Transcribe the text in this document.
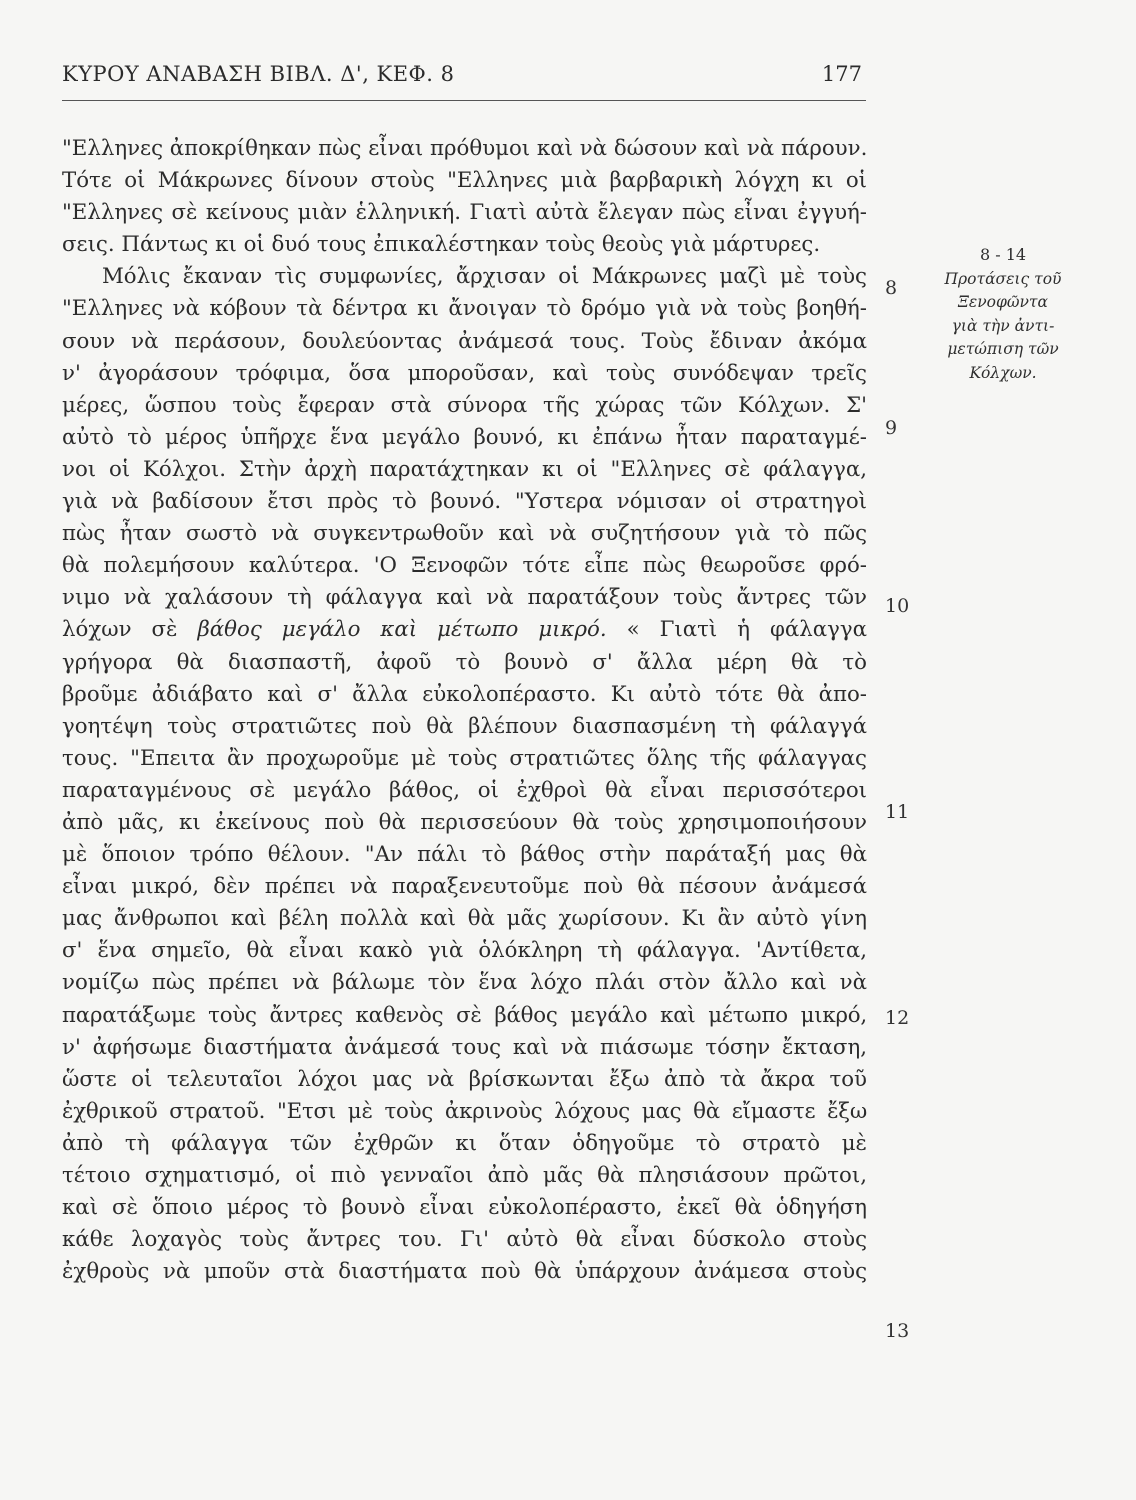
ΚΥΡΟΥ ΑΝΑΒΑΣΗ ΒΙΒΛ. Δ', ΚΕΦ. 8	177
"Ελληνες ἀποκρίθηκαν πὼς εἶναι πρόθυμοι καὶ νὰ δώσουν καὶ νὰ πάρουν.
Τότε οἱ Μάκρωνες δίνουν στοὺς "Ελληνες μιὰ βαρβαρικὴ λόγχη κι οἱ
"Ελληνες σὲ κείνους μιὰν ἑλληνική. Γιατὶ αὐτὰ ἔλεγαν πὼς εἶναι ἐγγυή-
σεις. Πάντως κι οἱ δυό τους ἐπικαλέστηκαν τοὺς θεοὺς γιὰ μάρτυρες.
Μόλις ἔκαναν τὶς συμφωνίες, ἄρχισαν οἱ Μάκρωνες μαζὶ μὲ τοὺς
"Ελληνες νὰ κόβουν τὰ δέντρα κι ἄνοιγαν τὸ δρόμο γιὰ νὰ τοὺς βοηθή-
σουν νὰ περάσουν, δουλεύοντας ἀνάμεσά τους. Τοὺς ἔδιναν ἀκόμα
ν' ἀγοράσουν τρόφιμα, ὅσα μποροῦσαν, καὶ τοὺς συνόδεψαν τρεῖς
μέρες, ὥσπου τοὺς ἔφεραν στὰ σύνορα τῆς χώρας τῶν Κόλχων. Σ'
αὐτὸ τὸ μέρος ὑπῆρχε ἕνα μεγάλο βουνό, κι ἐπάνω ἦταν παραταγμέ-
νοι οἱ Κόλχοι. Στὴν ἀρχὴ παρατάχτηκαν κι οἱ "Ελληνες σὲ φάλαγγα,
γιὰ νὰ βαδίσουν ἔτσι πρὸς τὸ βουνό. "Υστερα νόμισαν οἱ στρατηγοὶ
πὼς ἦταν σωστὸ νὰ συγκεντρωθοῦν καὶ νὰ συζητήσουν γιὰ τὸ πῶς
θὰ πολεμήσουν καλύτερα. 'Ο Ξενοφῶν τότε εἶπε πὼς θεωροῦσε φρό-
νιμο νὰ χαλάσουν τὴ φάλαγγα καὶ νὰ παρατάξουν τοὺς ἄντρες τῶν
λόχων σὲ βάθος μεγάλο καὶ μέτωπο μικρό. « Γιατὶ ἡ φάλαγγα
γρήγορα θὰ διασπαστῆ, ἀφοῦ τὸ βουνὸ σ' ἄλλα μέρη θὰ τὸ
βροῦμε ἀδιάβατο καὶ σ' ἄλλα εὐκολοπέραστο. Κι αὐτὸ τότε θὰ ἀπο-
γοητέψη τοὺς στρατιῶτες ποὺ θὰ βλέπουν διασπασμένη τὴ φάλαγγά
τους. "Επειτα ἂν προχωροῦμε μὲ τοὺς στρατιῶτες ὅλης τῆς φάλαγγας
παραταγμένους σὲ μεγάλο βάθος, οἱ ἐχθροὶ θὰ εἶναι περισσότεροι
ἀπὸ μᾶς, κι ἐκείνους ποὺ θὰ περισσεύουν θὰ τοὺς χρησιμοποιήσουν
μὲ ὅποιον τρόπο θέλουν. "Αν πάλι τὸ βάθος στὴν παράταξή μας θὰ
εἶναι μικρό, δὲν πρέπει νὰ παραξενευτοῦμε ποὺ θὰ πέσουν ἀνάμεσά
μας ἄνθρωποι καὶ βέλη πολλὰ καὶ θὰ μᾶς χωρίσουν. Κι ἂν αὐτὸ γίνη
σ' ἕνα σημεῖο, θὰ εἶναι κακὸ γιὰ ὁλόκληρη τὴ φάλαγγα. 'Αντίθετα,
νομίζω πὼς πρέπει νὰ βάλωμε τὸν ἕνα λόχο πλάι στὸν ἄλλο καὶ νὰ
παρατάξωμε τοὺς ἄντρες καθενὸς σὲ βάθος μεγάλο καὶ μέτωπο μικρό,
ν' ἀφήσωμε διαστήματα ἀνάμεσά τους καὶ νὰ πιάσωμε τόσην ἔκταση,
ὥστε οἱ τελευταῖοι λόχοι μας νὰ βρίσκωνται ἔξω ἀπὸ τὰ ἄκρα τοῦ
ἐχθρικοῦ στρατοῦ. "Ετσι μὲ τοὺς ἀκρινοὺς λόχους μας θὰ εἴμαστε ἔξω
ἀπὸ τὴ φάλαγγα τῶν ἐχθρῶν κι ὅταν ὁδηγοῦμε τὸ στρατὸ μὲ
τέτοιο σχηματισμό, οἱ πιὸ γενναῖοι ἀπὸ μᾶς θὰ πλησιάσουν πρῶτοι,
καὶ σὲ ὅποιο μέρος τὸ βουνὸ εἶναι εὐκολοπέραστο, ἐκεῖ θὰ ὁδηγήση
κάθε λοχαγὸς τοὺς ἄντρες του. Γι' αὐτὸ θὰ εἶναι δύσκολο στοὺς
ἐχθροὺς νὰ μποῦν στὰ διαστήματα ποὺ θὰ ὑπάρχουν ἀνάμεσα στοὺς
8
9
10
11
12
13
8 - 14
Προτάσεις τοῦ
Ξενοφῶντα
γιὰ τὴν ἀντι-
μετώπιση τῶν
Κόλχων.
